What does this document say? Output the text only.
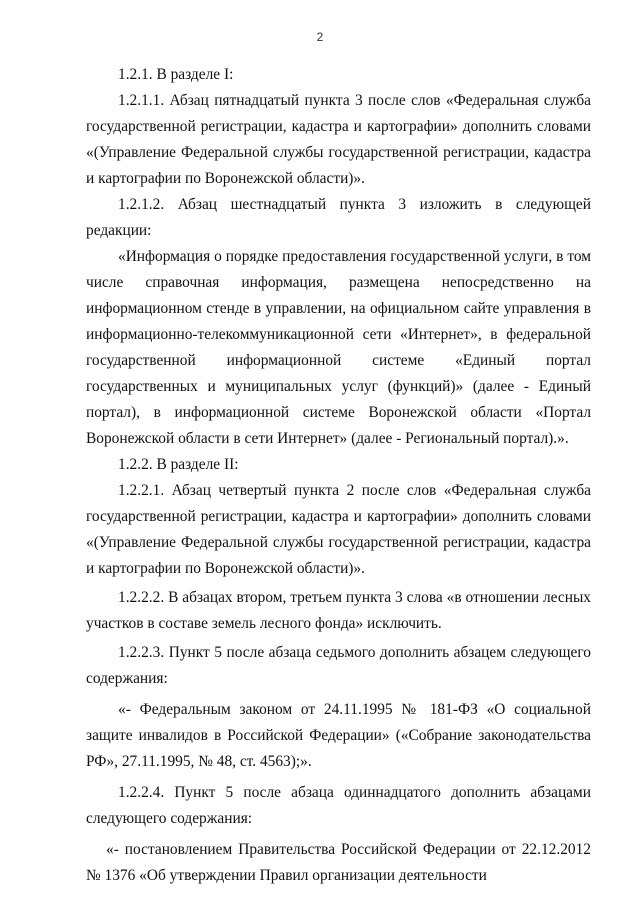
2

1.2.1. В разделе I:

1.2.1.1. Абзац пятнадцатый пункта 3 после слов «Федеральная служба государственной регистрации, кадастра и картографии» дополнить словами «(Управление Федеральной службы государственной регистрации, кадастра и картографии по Воронежской области)».

1.2.1.2. Абзац шестнадцатый пункта 3 изложить в следующей редакции:

«Информация о порядке предоставления государственной услуги, в том числе справочная информация, размещена непосредственно на информационном стенде в управлении, на официальном сайте управления в информационно-телекоммуникационной сети «Интернет», в федеральной государственной информационной системе «Единый портал государственных и муниципальных услуг (функций)» (далее - Единый портал), в информационной системе Воронежской области «Портал Воронежской области в сети Интернет» (далее - Региональный портал).».

1.2.2. В разделе II:

1.2.2.1. Абзац четвертый пункта 2 после слов «Федеральная служба государственной регистрации, кадастра и картографии» дополнить словами «(Управление Федеральной службы государственной регистрации, кадастра и картографии по Воронежской области)».

1.2.2.2. В абзацах втором, третьем пункта 3 слова «в отношении лесных участков в составе земель лесного фонда» исключить.

1.2.2.3. Пункт 5 после абзаца седьмого дополнить абзацем следующего содержания:

«- Федеральным законом от 24.11.1995 № 181-ФЗ «О социальной защите инвалидов в Российской Федерации» («Собрание законодательства РФ», 27.11.1995, № 48, ст. 4563);».

1.2.2.4. Пункт 5 после абзаца одиннадцатого дополнить абзацами следующего содержания:

«- постановлением Правительства Российской Федерации от 22.12.2012 № 1376 «Об утверждении Правил организации деятельности
